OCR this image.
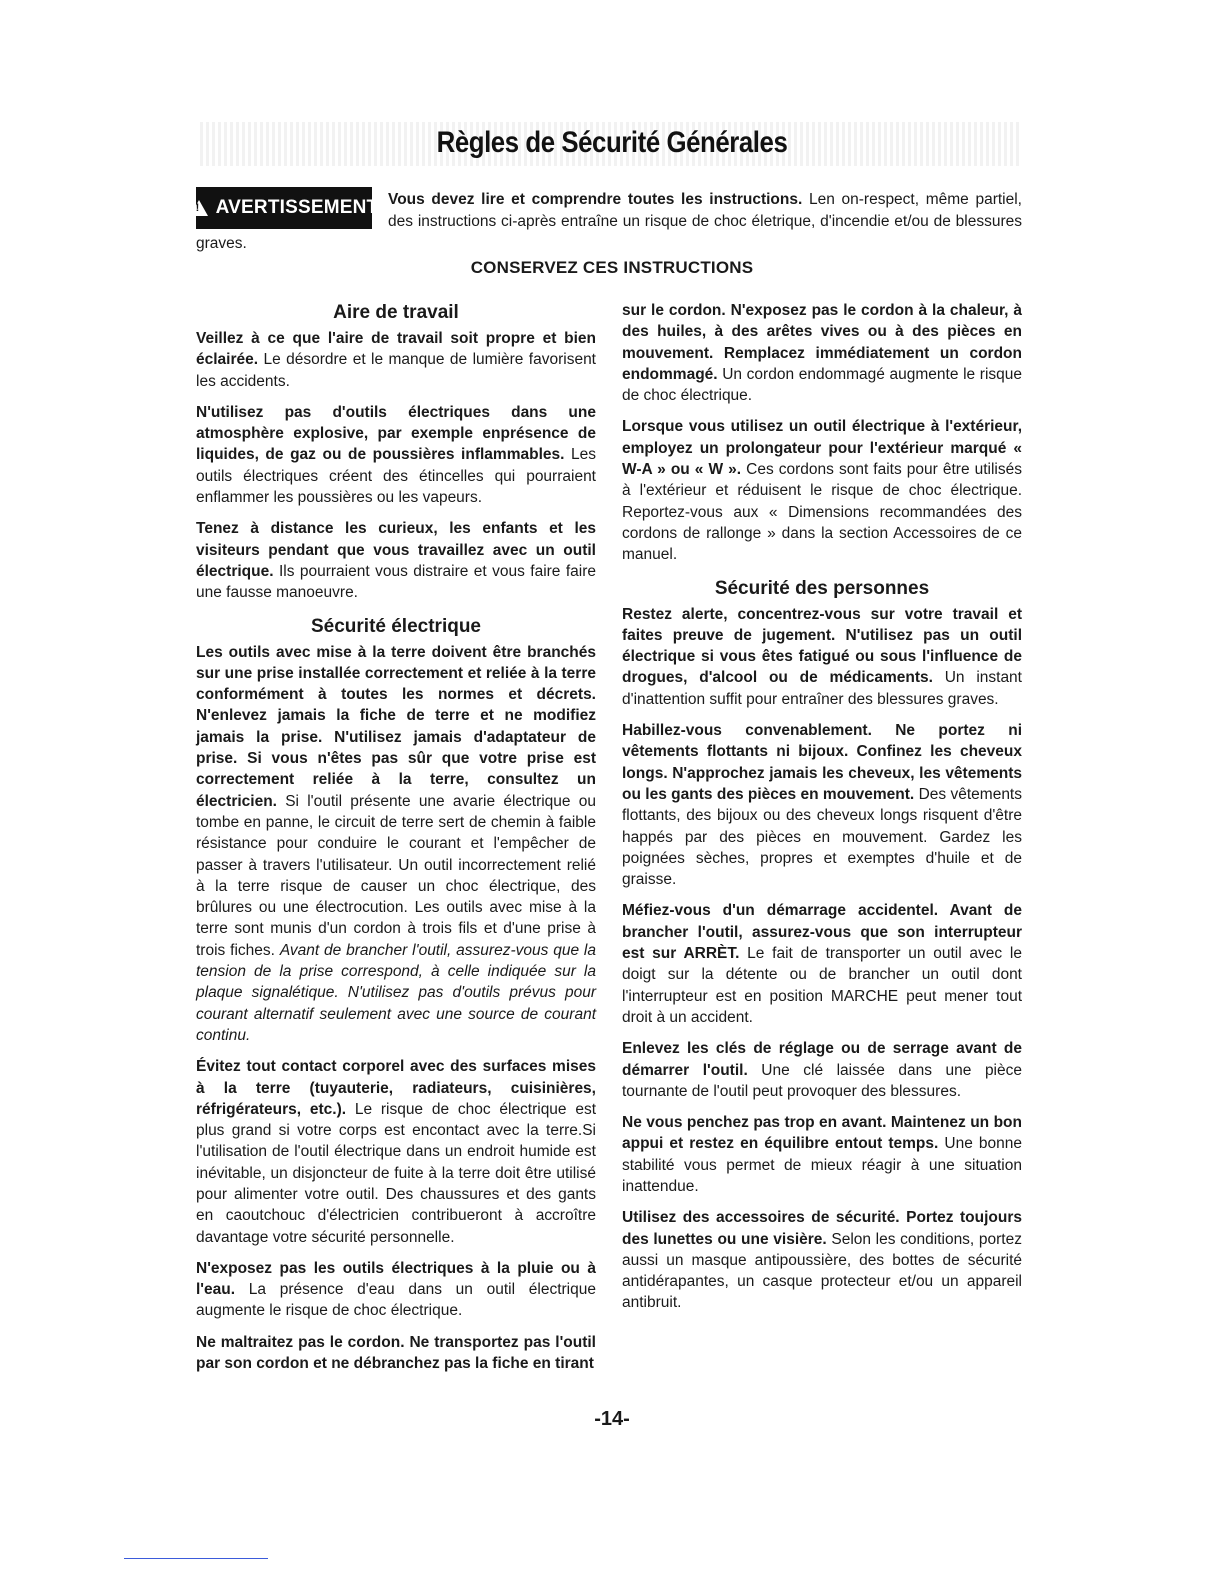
Règles de Sécurité Générales
!
AVERTISSEMENT Vous devez lire et comprendre toutes les instructions. Len on-respect, même partiel, des instructions ci-après entraîne un risque de choc életrique, d'incendie et/ou de blessures graves.
CONSERVEZ CES INSTRUCTIONS
Aire de travail

Veillez à ce que l'aire de travail soit propre et bien éclairée. Le désordre et le manque de lumière favorisent les accidents.

N'utilisez pas d'outils électriques dans une atmosphère explosive, par exemple enprésence de liquides, de gaz ou de poussières inflammables. Les outils électriques créent des étincelles qui pourraient enflammer les poussières ou les vapeurs.

Tenez à distance les curieux, les enfants et les visiteurs pendant que vous travaillez avec un outil électrique. Ils pourraient vous distraire et vous faire faire une fausse manoeuvre.

Sécurité électrique

Les outils avec mise à la terre doivent être branchés sur une prise installée correctement et reliée à la terre conformément à toutes les normes et décrets. N'enlevez jamais la fiche de terre et ne modifiez jamais la prise. N'utilisez jamais d'adaptateur de prise. Si vous n'êtes pas sûr que votre prise est correctement reliée à la terre, consultez un électricien. Si l'outil présente une avarie électrique ou tombe en panne, le circuit de terre sert de chemin à faible résistance pour conduire le courant et l'empêcher de passer à travers l'utilisateur. Un outil incorrectement relié à la terre risque de causer un choc électrique, des brûlures ou une électrocution. Les outils avec mise à la terre sont munis d'un cordon à trois fils et d'une prise à trois fiches. Avant de brancher l'outil, assurez-vous que la tension de la prise correspond, à celle indiquée sur la plaque signalétique. N'utilisez pas d'outils prévus pour courant alternatif seulement avec une source de courant continu.

Évitez tout contact corporel avec des surfaces mises à la terre (tuyauterie, radiateurs, cuisinières, réfrigérateurs, etc.). Le risque de choc électrique est plus grand si votre corps est encontact avec la terre.Si l'utilisation de l'outil électrique dans un endroit humide est inévitable, un disjoncteur de fuite à la terre doit être utilisé pour alimenter votre outil. Des chaussures et des gants en caoutchouc d'électricien contribueront à accroître davantage votre sécurité personnelle.

N'exposez pas les outils électriques à la pluie ou à l'eau. La présence d'eau dans un outil électrique augmente le risque de choc électrique.

Ne maltraitez pas le cordon. Ne transportez pas l'outil par son cordon et ne débranchez pas la fiche en tirant

sur le cordon. N'exposez pas le cordon à la chaleur, à des huiles, à des arêtes vives ou à des pièces en mouvement. Remplacez immédiatement un cordon endommagé. Un cordon endommagé augmente le risque de choc électrique.

Lorsque vous utilisez un outil électrique à l'extérieur, employez un prolongateur pour l'extérieur marqué « W-A » ou « W ». Ces cordons sont faits pour être utilisés à l'extérieur et réduisent le risque de choc électrique. Reportez-vous aux « Dimensions recommandées des cordons de rallonge » dans la section Accessoires de ce manuel.

Sécurité des personnes

Restez alerte, concentrez-vous sur votre travail et faites preuve de jugement. N'utilisez pas un outil électrique si vous êtes fatigué ou sous l'influence de drogues, d'alcool ou de médicaments. Un instant d'inattention suffit pour entraîner des blessures graves.

Habillez-vous convenablement. Ne portez ni vêtements flottants ni bijoux. Confinez les cheveux longs. N'approchez jamais les cheveux, les vêtements ou les gants des pièces en mouvement. Des vêtements flottants, des bijoux ou des cheveux longs risquent d'être happés par des pièces en mouvement. Gardez les poignées sèches, propres et exemptes d'huile et de graisse.

Méfiez-vous d'un démarrage accidentel. Avant de brancher l'outil, assurez-vous que son interrupteur est sur ARRÈT. Le fait de transporter un outil avec le doigt sur la détente ou de brancher un outil dont l'interrupteur est en position MARCHE peut mener tout droit à un accident.

Enlevez les clés de réglage ou de serrage avant de démarrer l'outil. Une clé laissée dans une pièce tournante de l'outil peut provoquer des blessures.

Ne vous penchez pas trop en avant. Maintenez un bon appui et restez en équilibre entout temps. Une bonne stabilité vous permet de mieux réagir à une situation inattendue.

Utilisez des accessoires de sécurité. Portez toujours des lunettes ou une visière. Selon les conditions, portez aussi un masque antipoussière, des bottes de sécurité antidérapantes, un casque protecteur et/ou un appareil antibruit.

-14-
